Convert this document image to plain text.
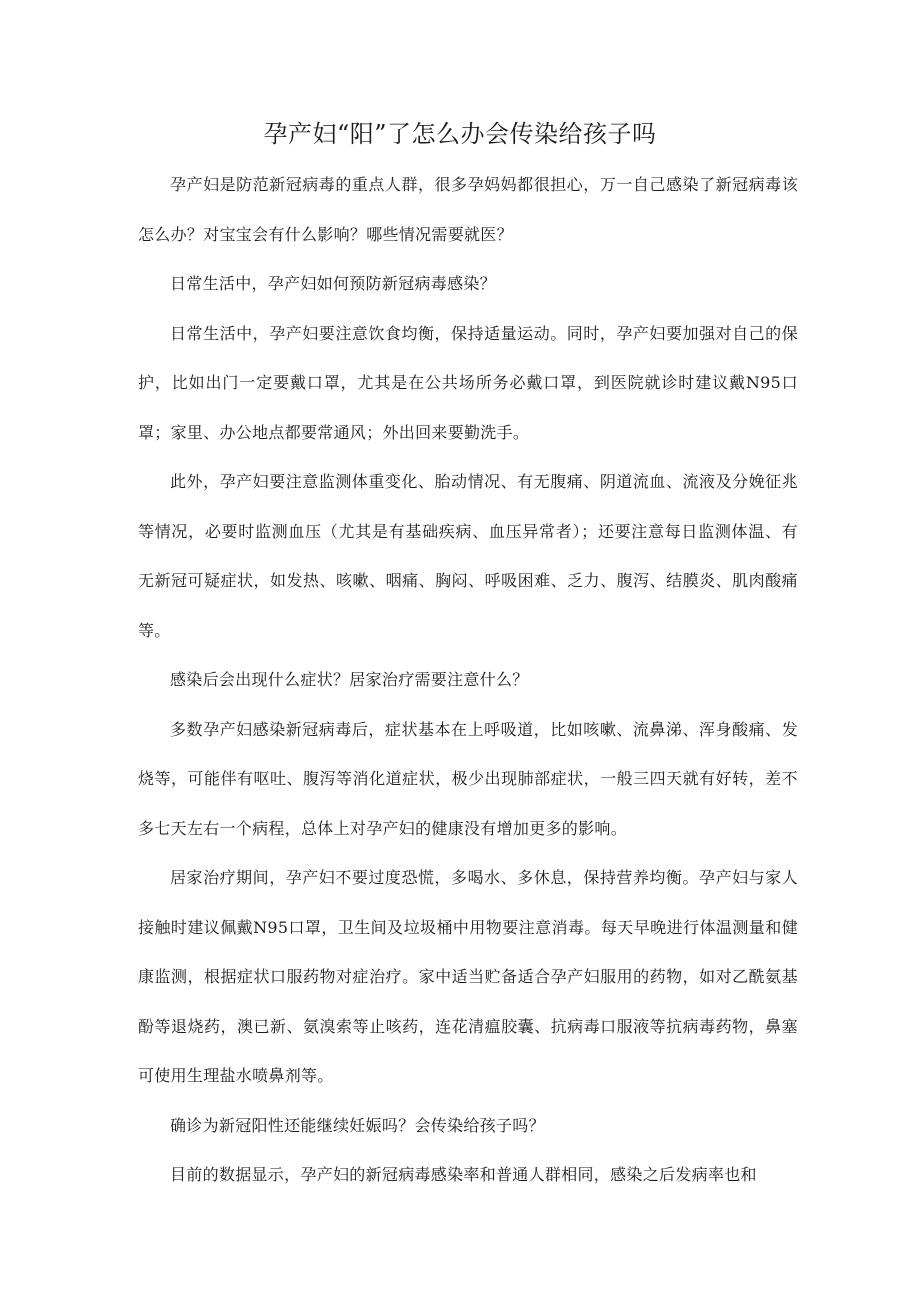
孕产妇“阳”了怎么办会传染给孩子吗

孕产妇是防范新冠病毒的重点人群，很多孕妈妈都很担心，万一自己感染了新冠病毒该怎么办？对宝宝会有什么影响？哪些情况需要就医？

日常生活中，孕产妇如何预防新冠病毒感染？

日常生活中，孕产妇要注意饮食均衡，保持适量运动。同时，孕产妇要加强对自己的保护，比如出门一定要戴口罩，尤其是在公共场所务必戴口罩，到医院就诊时建议戴N95口罩；家里、办公地点都要常通风；外出回来要勤洗手。

此外，孕产妇要注意监测体重变化、胎动情况、有无腹痛、阴道流血、流液及分娩征兆等情况，必要时监测血压（尤其是有基础疾病、血压异常者）；还要注意每日监测体温、有无新冠可疑症状，如发热、咳嗽、咽痛、胸闷、呼吸困难、乏力、腹泻、结膜炎、肌肉酸痛等。

感染后会出现什么症状？居家治疗需要注意什么？

多数孕产妇感染新冠病毒后，症状基本在上呼吸道，比如咳嗽、流鼻涕、浑身酸痛、发烧等，可能伴有呕吐、腹泻等消化道症状，极少出现肺部症状，一般三四天就有好转，差不多七天左右一个病程，总体上对孕产妇的健康没有增加更多的影响。

居家治疗期间，孕产妇不要过度恐慌，多喝水、多休息，保持营养均衡。孕产妇与家人接触时建议佩戴N95口罩，卫生间及垃圾桶中用物要注意消毒。每天早晚进行体温测量和健康监测，根据症状口服药物对症治疗。家中适当贮备适合孕产妇服用的药物，如对乙酰氨基酚等退烧药，澳已新、氨溴索等止咳药，连花清瘟胶囊、抗病毒口服液等抗病毒药物，鼻塞可使用生理盐水喷鼻剂等。

确诊为新冠阳性还能继续妊娠吗？会传染给孩子吗？

目前的数据显示，孕产妇的新冠病毒感染率和普通人群相同，感染之后发病率也和
